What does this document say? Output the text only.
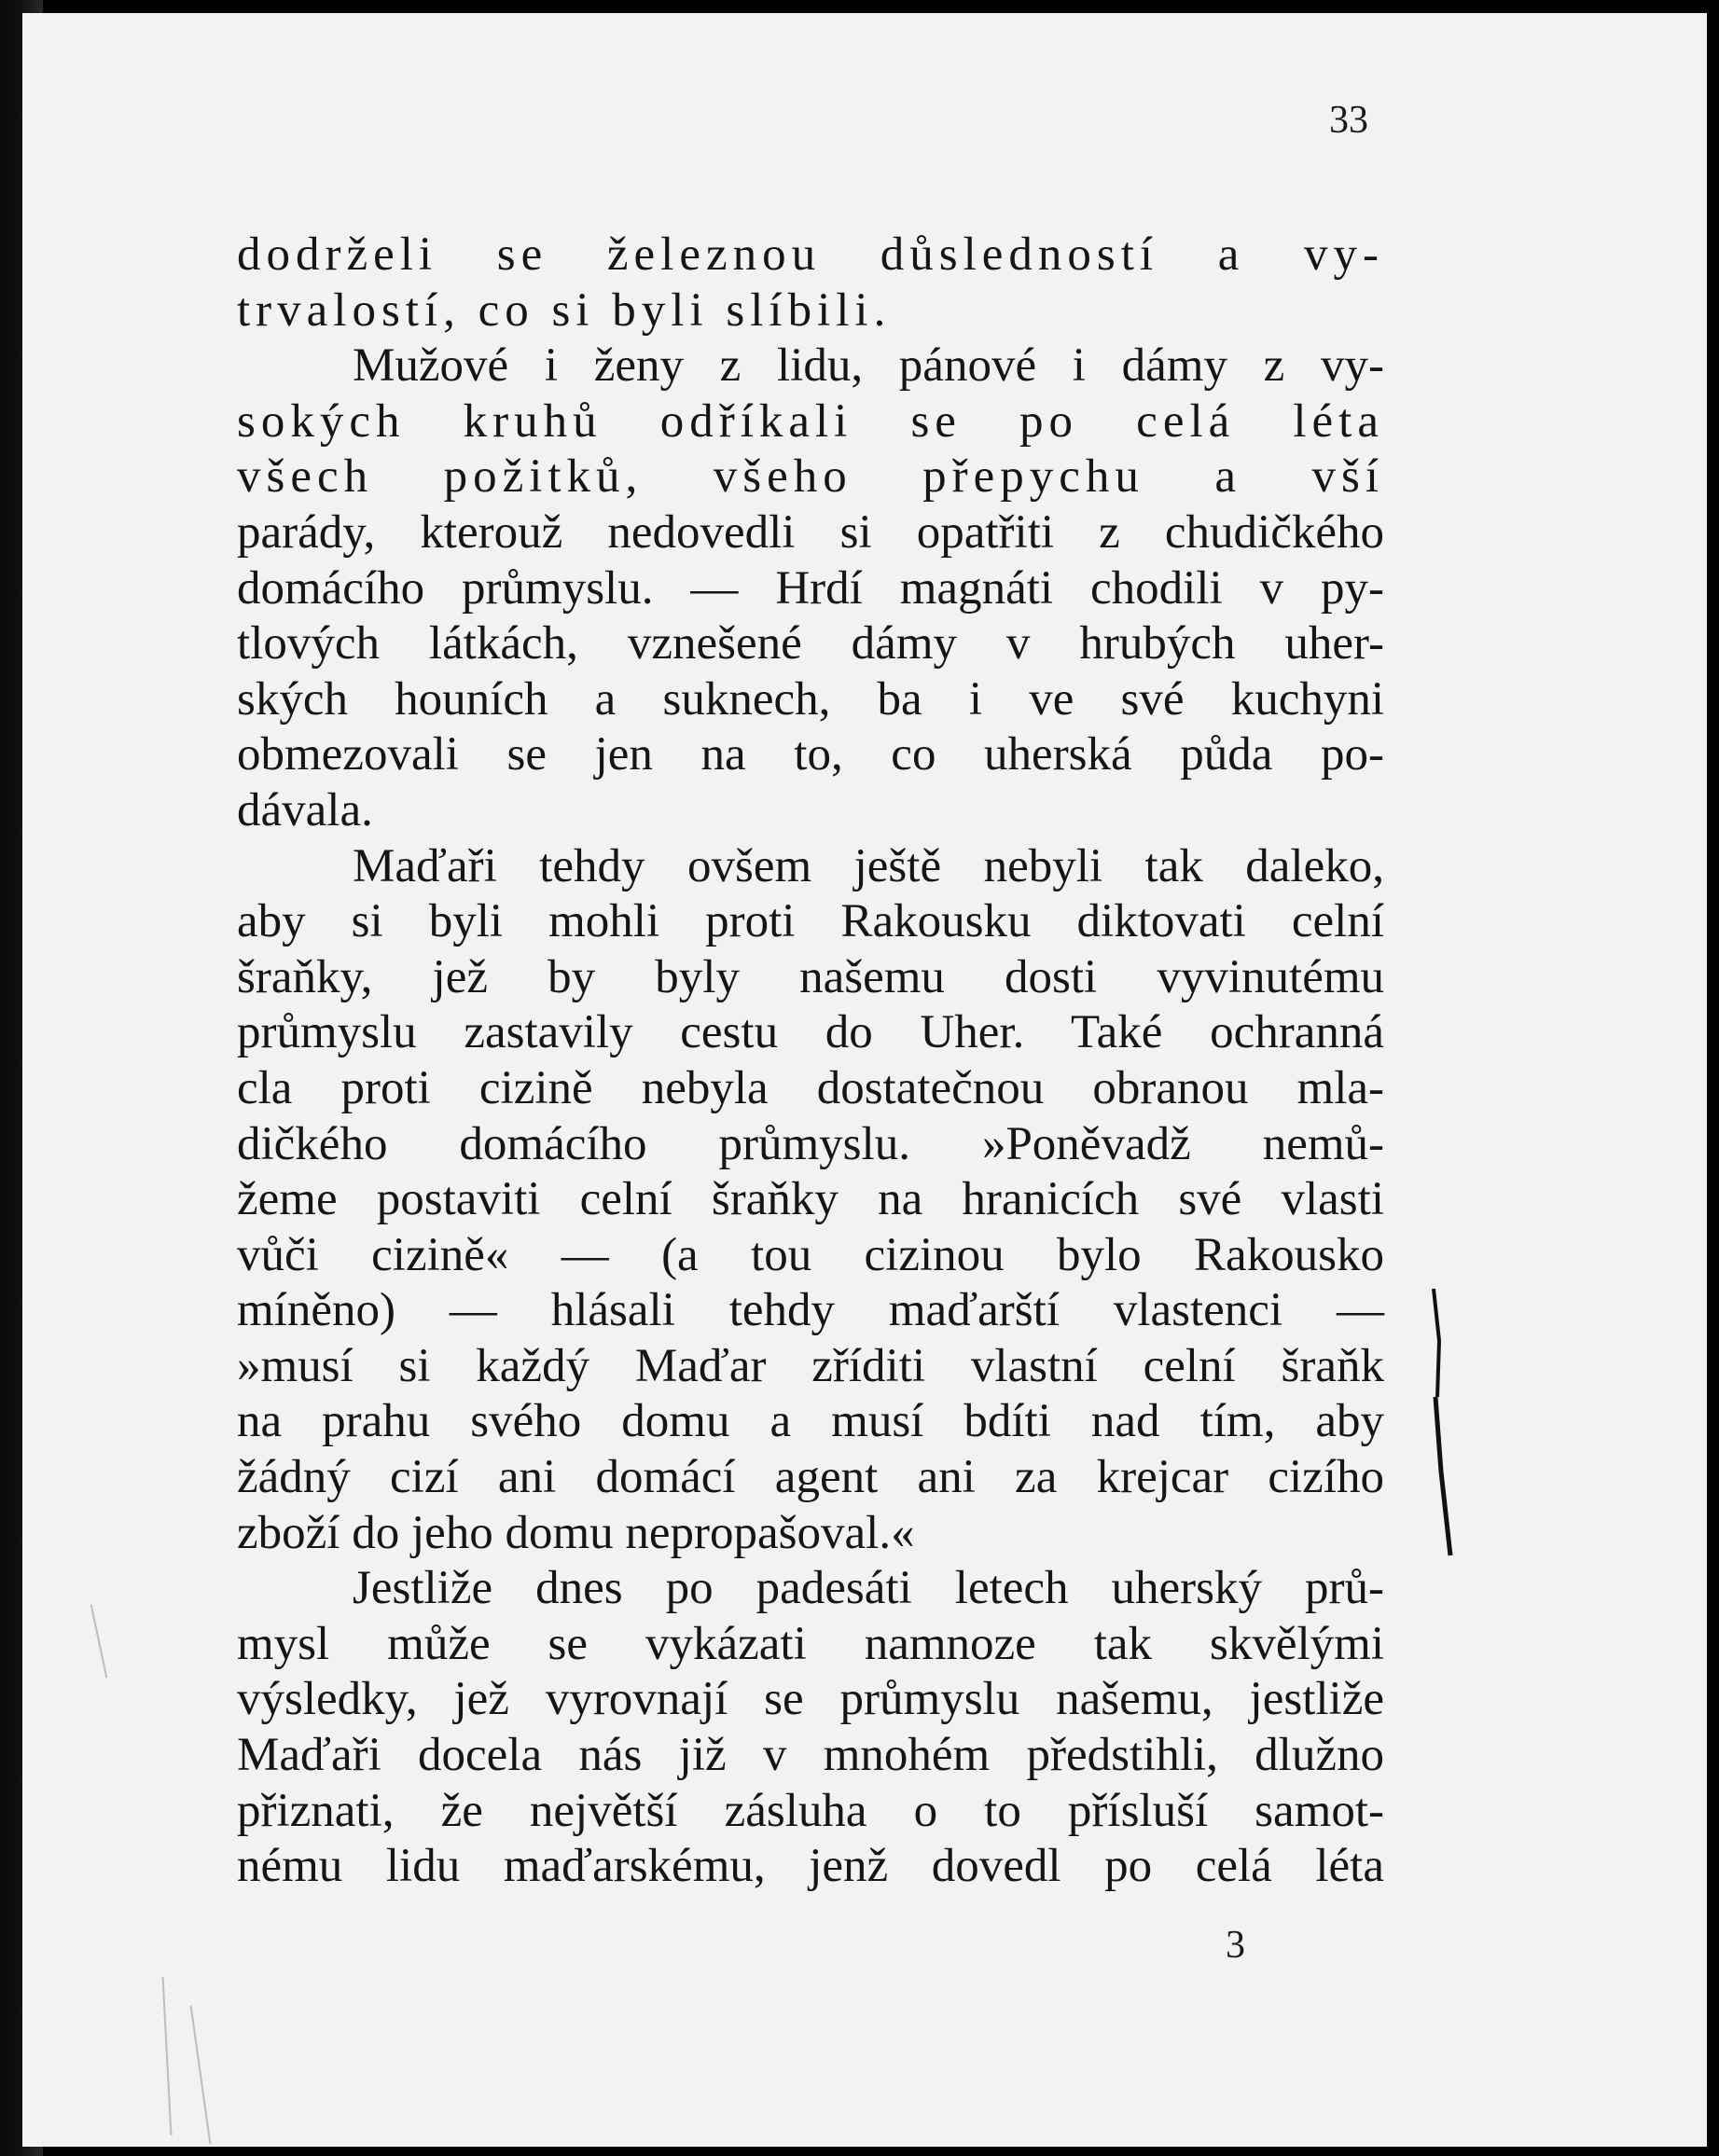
33
dodrželi se železnou důsledností a vy-
trvalostí, co si byli slíbili.
Mužové i ženy z lidu, pánové i dámy z vy-
sokých kruhů odříkali se po celá léta
všech požitků, všeho přepychu a vší
parády, kterouž nedovedli si opatřiti z chudičkého
domácího průmyslu. — Hrdí magnáti chodili v py-
tlových látkách, vznešené dámy v hrubých uher-
ských houních a suknech, ba i ve své kuchyni
obmezovali se jen na to, co uherská půda po-
dávala.
Maďaři tehdy ovšem ještě nebyli tak daleko,
aby si byli mohli proti Rakousku diktovati celní
šraňky, jež by byly našemu dosti vyvinutému
průmyslu zastavily cestu do Uher. Také ochranná
cla proti cizině nebyla dostatečnou obranou mla-
dičkého domácího průmyslu. »Poněvadž nemů-
žeme postaviti celní šraňky na hranicích své vlasti
vůči cizině« — (a tou cizinou bylo Rakousko
míněno) — hlásali tehdy maďarští vlastenci —
»musí si každý Maďar zříditi vlastní celní šraňk
na prahu svého domu a musí bdíti nad tím, aby
žádný cizí ani domácí agent ani za krejcar cizího
zboží do jeho domu nepropašoval.«
Jestliže dnes po padesáti letech uherský prů-
mysl může se vykázati namnoze tak skvělými
výsledky, jež vyrovnají se průmyslu našemu, jestliže
Maďaři docela nás již v mnohém předstihli, dlužno
přiznati, že největší zásluha o to přísluší samot-
nému lidu maďarskému, jenž dovedl po celá léta
3
